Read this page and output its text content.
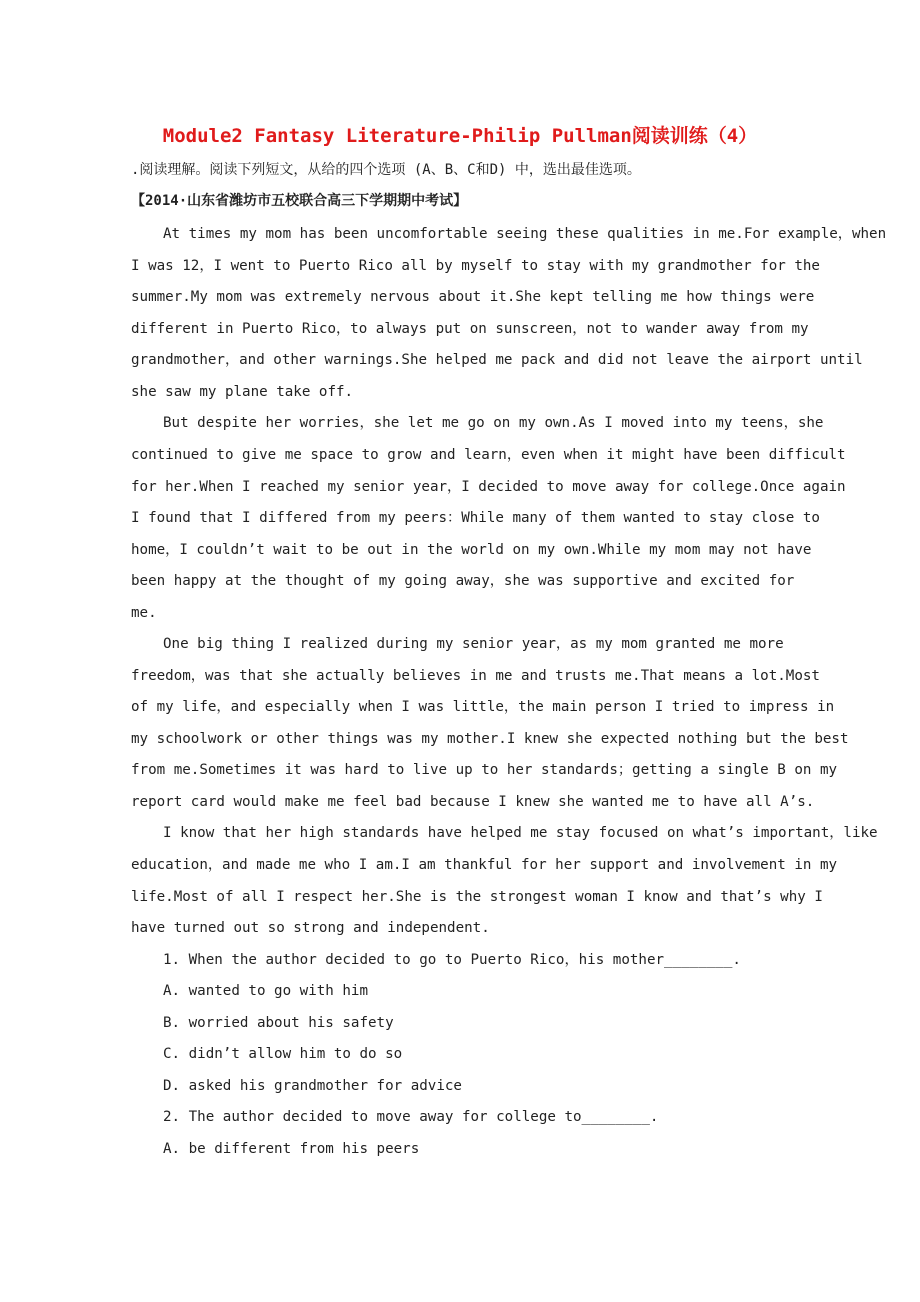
Module2 Fantasy Literature-Philip Pullman阅读训练（4）
.阅读理解。阅读下列短文，从给的四个选项 (A、B、C和D) 中，选出最佳选项。
【2014·山东省潍坊市五校联合高三下学期期中考试】
At times my mom has been uncomfortable seeing these qualities in me.For example，when
I was 12，I went to Puerto Rico all by myself to stay with my grandmother for the
summer.My mom was extremely nervous about it.She kept telling me how things were
different in Puerto Rico，to always put on sunscreen，not to wander away from my
grandmother，and other warnings.She helped me pack and did not leave the airport until
she saw my plane take off.
But despite her worries，she let me go on my own.As I moved into my teens，she
continued to give me space to grow and learn，even when it might have been difficult
for her.When I reached my senior year，I decided to move away for college.Once again
I found that I differed from my peers：While many of them wanted to stay close to
home，I couldn’t wait to be out in the world on my own.While my mom may not have
been happy at the thought of my going away，she was supportive and excited for
me.
One big thing I realized during my senior year，as my mom granted me more
freedom，was that she actually believes in me and trusts me.That means a lot.Most
of my life，and especially when I was little，the main person I tried to impress in
my schoolwork or other things was my mother.I knew she expected nothing but the best
from me.Sometimes it was hard to live up to her standards；getting a single B on my
report card would make me feel bad because I knew she wanted me to have all A’s.
I know that her high standards have helped me stay focused on what’s important，like
education，and made me who I am.I am thankful for her support and involvement in my
life.Most of all I respect her.She is the strongest woman I know and that’s why I
have turned out so strong and independent.
1. When the author decided to go to Puerto Rico，his mother________.
A. wanted to go with him
B. worried about his safety
C. didn’t allow him to do so
D. asked his grandmother for advice
2. The author decided to move away for college to________.
A. be different from his peers
